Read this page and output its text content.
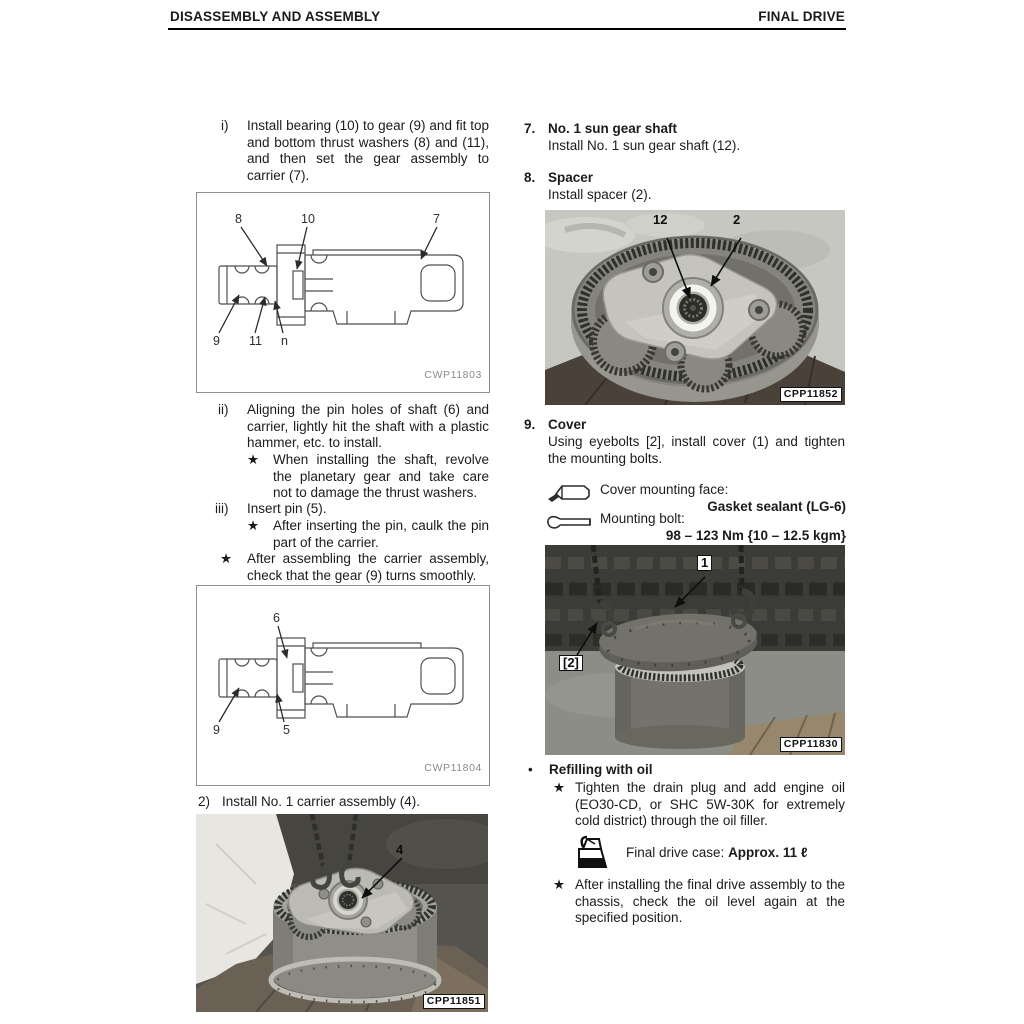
DISASSEMBLY AND ASSEMBLY	FINAL DRIVE
i)	Install bearing (10) to gear (9) and fit top and bottom thrust washers (8) and (11), and then set the gear assembly to carrier (7).
8	10	7
9 11 n
CWP11803
ii)	Aligning the pin holes of shaft (6) and carrier, lightly hit the shaft with a plastic hammer, etc. to install.
★	When installing the shaft, revolve the planetary gear and take care not to damage the thrust washers.
iii)	Insert pin (5).
★	After inserting the pin, caulk the pin part of the carrier.
★	After assembling the carrier assembly, check that the gear (9) turns smoothly.
6
9	5
CWP11804
2) Install No. 1 carrier assembly (4).
4
CPP11851
7. No. 1 sun gear shaft
Install No. 1 sun gear shaft (12).
8. Spacer
Install spacer (2).
12	2
CPP11852
9. Cover
Using eyebolts [2], install cover (1) and tighten the mounting bolts.
Cover mounting face:
Gasket sealant (LG-6)
Mounting bolt:
98 – 123 Nm {10 – 12.5 kgm}
1
[2]
CPP11830
•	Refilling with oil
★ Tighten the drain plug and add engine oil (EO30-CD, or SHC 5W-30K for extremely cold district) through the oil filler.
Final drive case: Approx. 11 ℓ
★ After installing the final drive assembly to the chassis, check the oil level again at the specified position.
